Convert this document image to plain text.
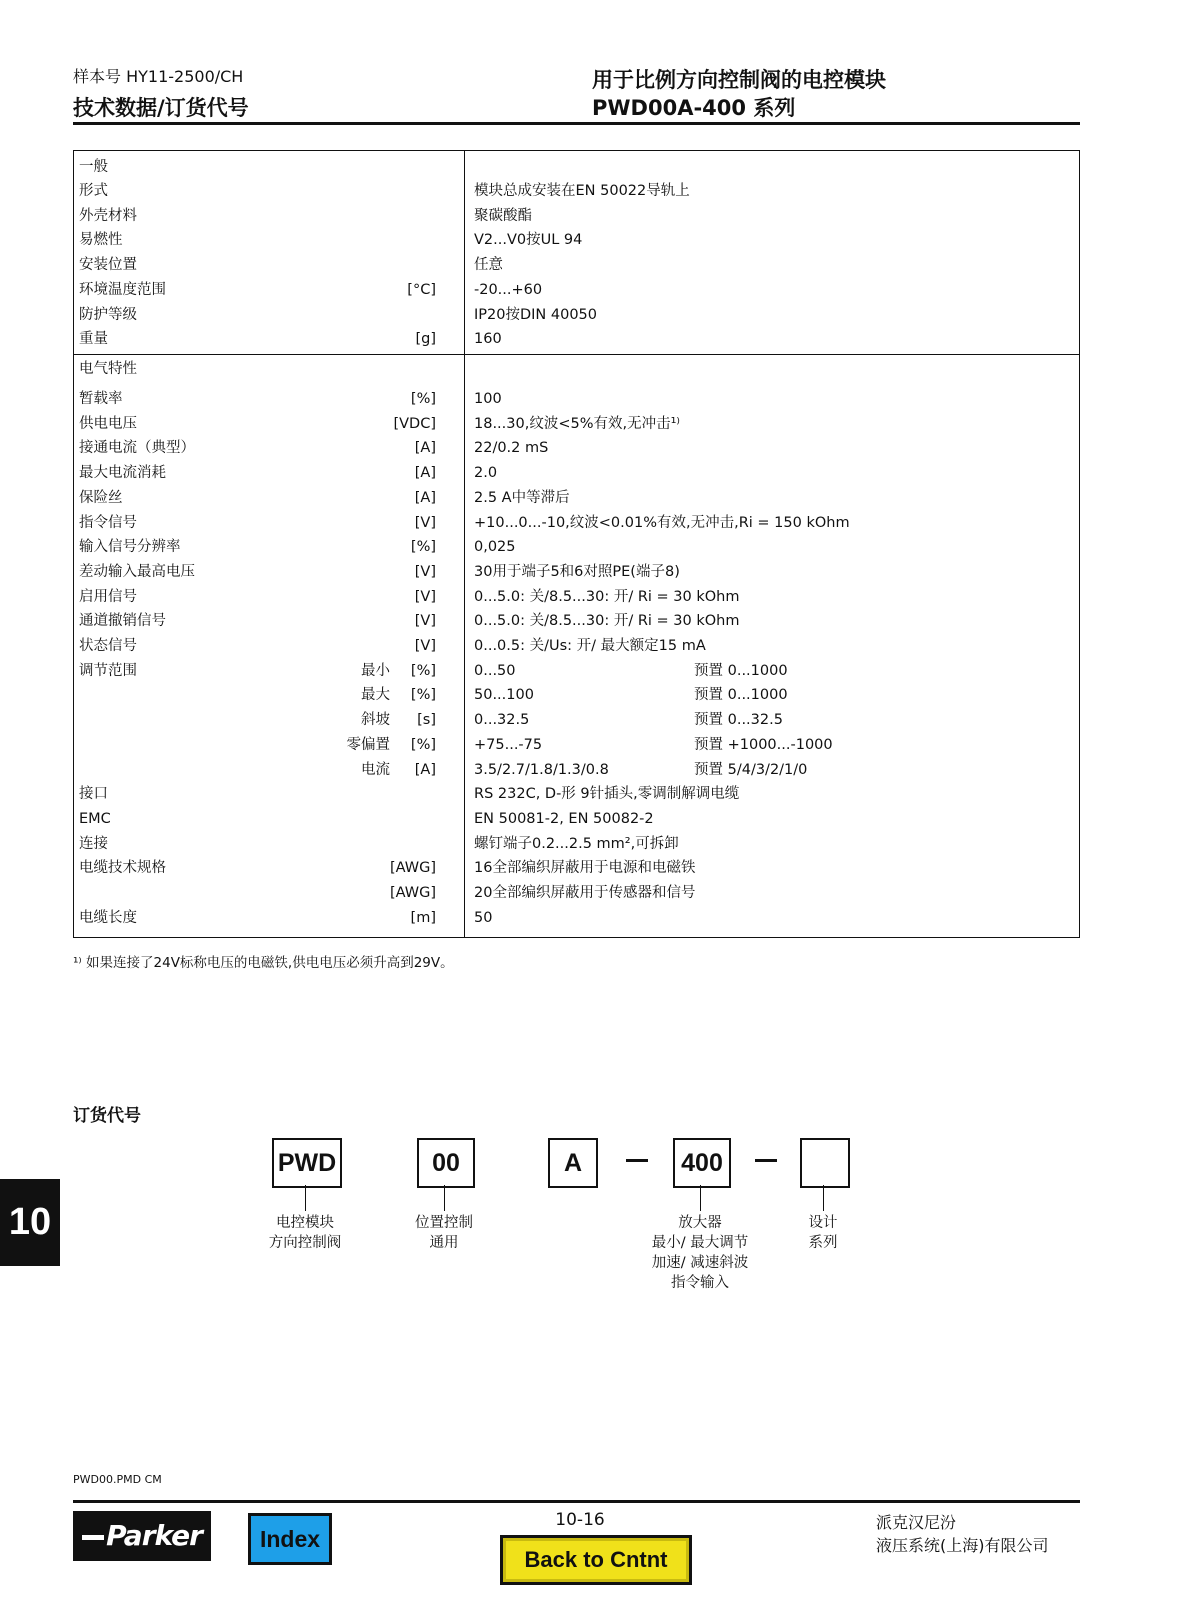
样本号 HY11-2500/CH
技术数据/订货代号
用于比例方向控制阀的电控模块
PWD00A-400 系列
一般
形式	模块总成安装在EN 50022导轨上
外壳材料	聚碳酸酯
易燃性	V2...V0按UL 94
安装位置	任意
环境温度范围	[°C]	-20...+60
防护等级	IP20按DIN 40050
重量	[g]	160
电气特性
暂载率	[%]	100
供电电压	[VDC]	18...30,纹波<5%有效,无冲击¹⁾
接通电流（典型）	[A]	22/0.2 mS
最大电流消耗	[A]	2.0
保险丝	[A]	2.5 A中等滞后
指令信号	[V]	+10...0...-10,纹波<0.01%有效,无冲击,Ri = 150 kOhm
输入信号分辨率	[%]	0,025
差动输入最高电压	[V]	30用于端子5和6对照PE(端子8)
启用信号	[V]	0...5.0: 关/8.5...30: 开/ Ri = 30 kOhm
通道撤销信号	[V]	0...5.0: 关/8.5...30: 开/ Ri = 30 kOhm
状态信号	[V]	0...0.5: 关/Us: 开/ 最大额定15 mA
调节范围	最小	[%]	0...50	预置 0...1000
最大	[%]	50...100	预置 0...1000
斜坡	[s]	0...32.5	预置 0...32.5
零偏置	[%]	+75...-75	预置 +1000...-1000
电流	[A]	3.5/2.7/1.8/1.3/0.8	预置 5/4/3/2/1/0
接口	RS 232C, D-形 9针插头,零调制解调电缆
EMC	EN 50081-2, EN 50082-2
连接	螺钉端子0.2...2.5 mm²,可拆卸
电缆技术规格	[AWG]	16全部编织屏蔽用于电源和电磁铁
[AWG]	20全部编织屏蔽用于传感器和信号
电缆长度	[m]	50
¹⁾ 如果连接了24V标称电压的电磁铁,供电电压必须升高到29V。
订货代号
PWD
电控模块
方向控制阀
00
位置控制
通用
A	400
放大器
最小/ 最大调节
加速/ 减速斜波
指令输入
设计
系列
10
PWD00.PMD CM
Parker	Index
10-16
Back to Cntnt
派克汉尼汾
液压系统(上海)有限公司
